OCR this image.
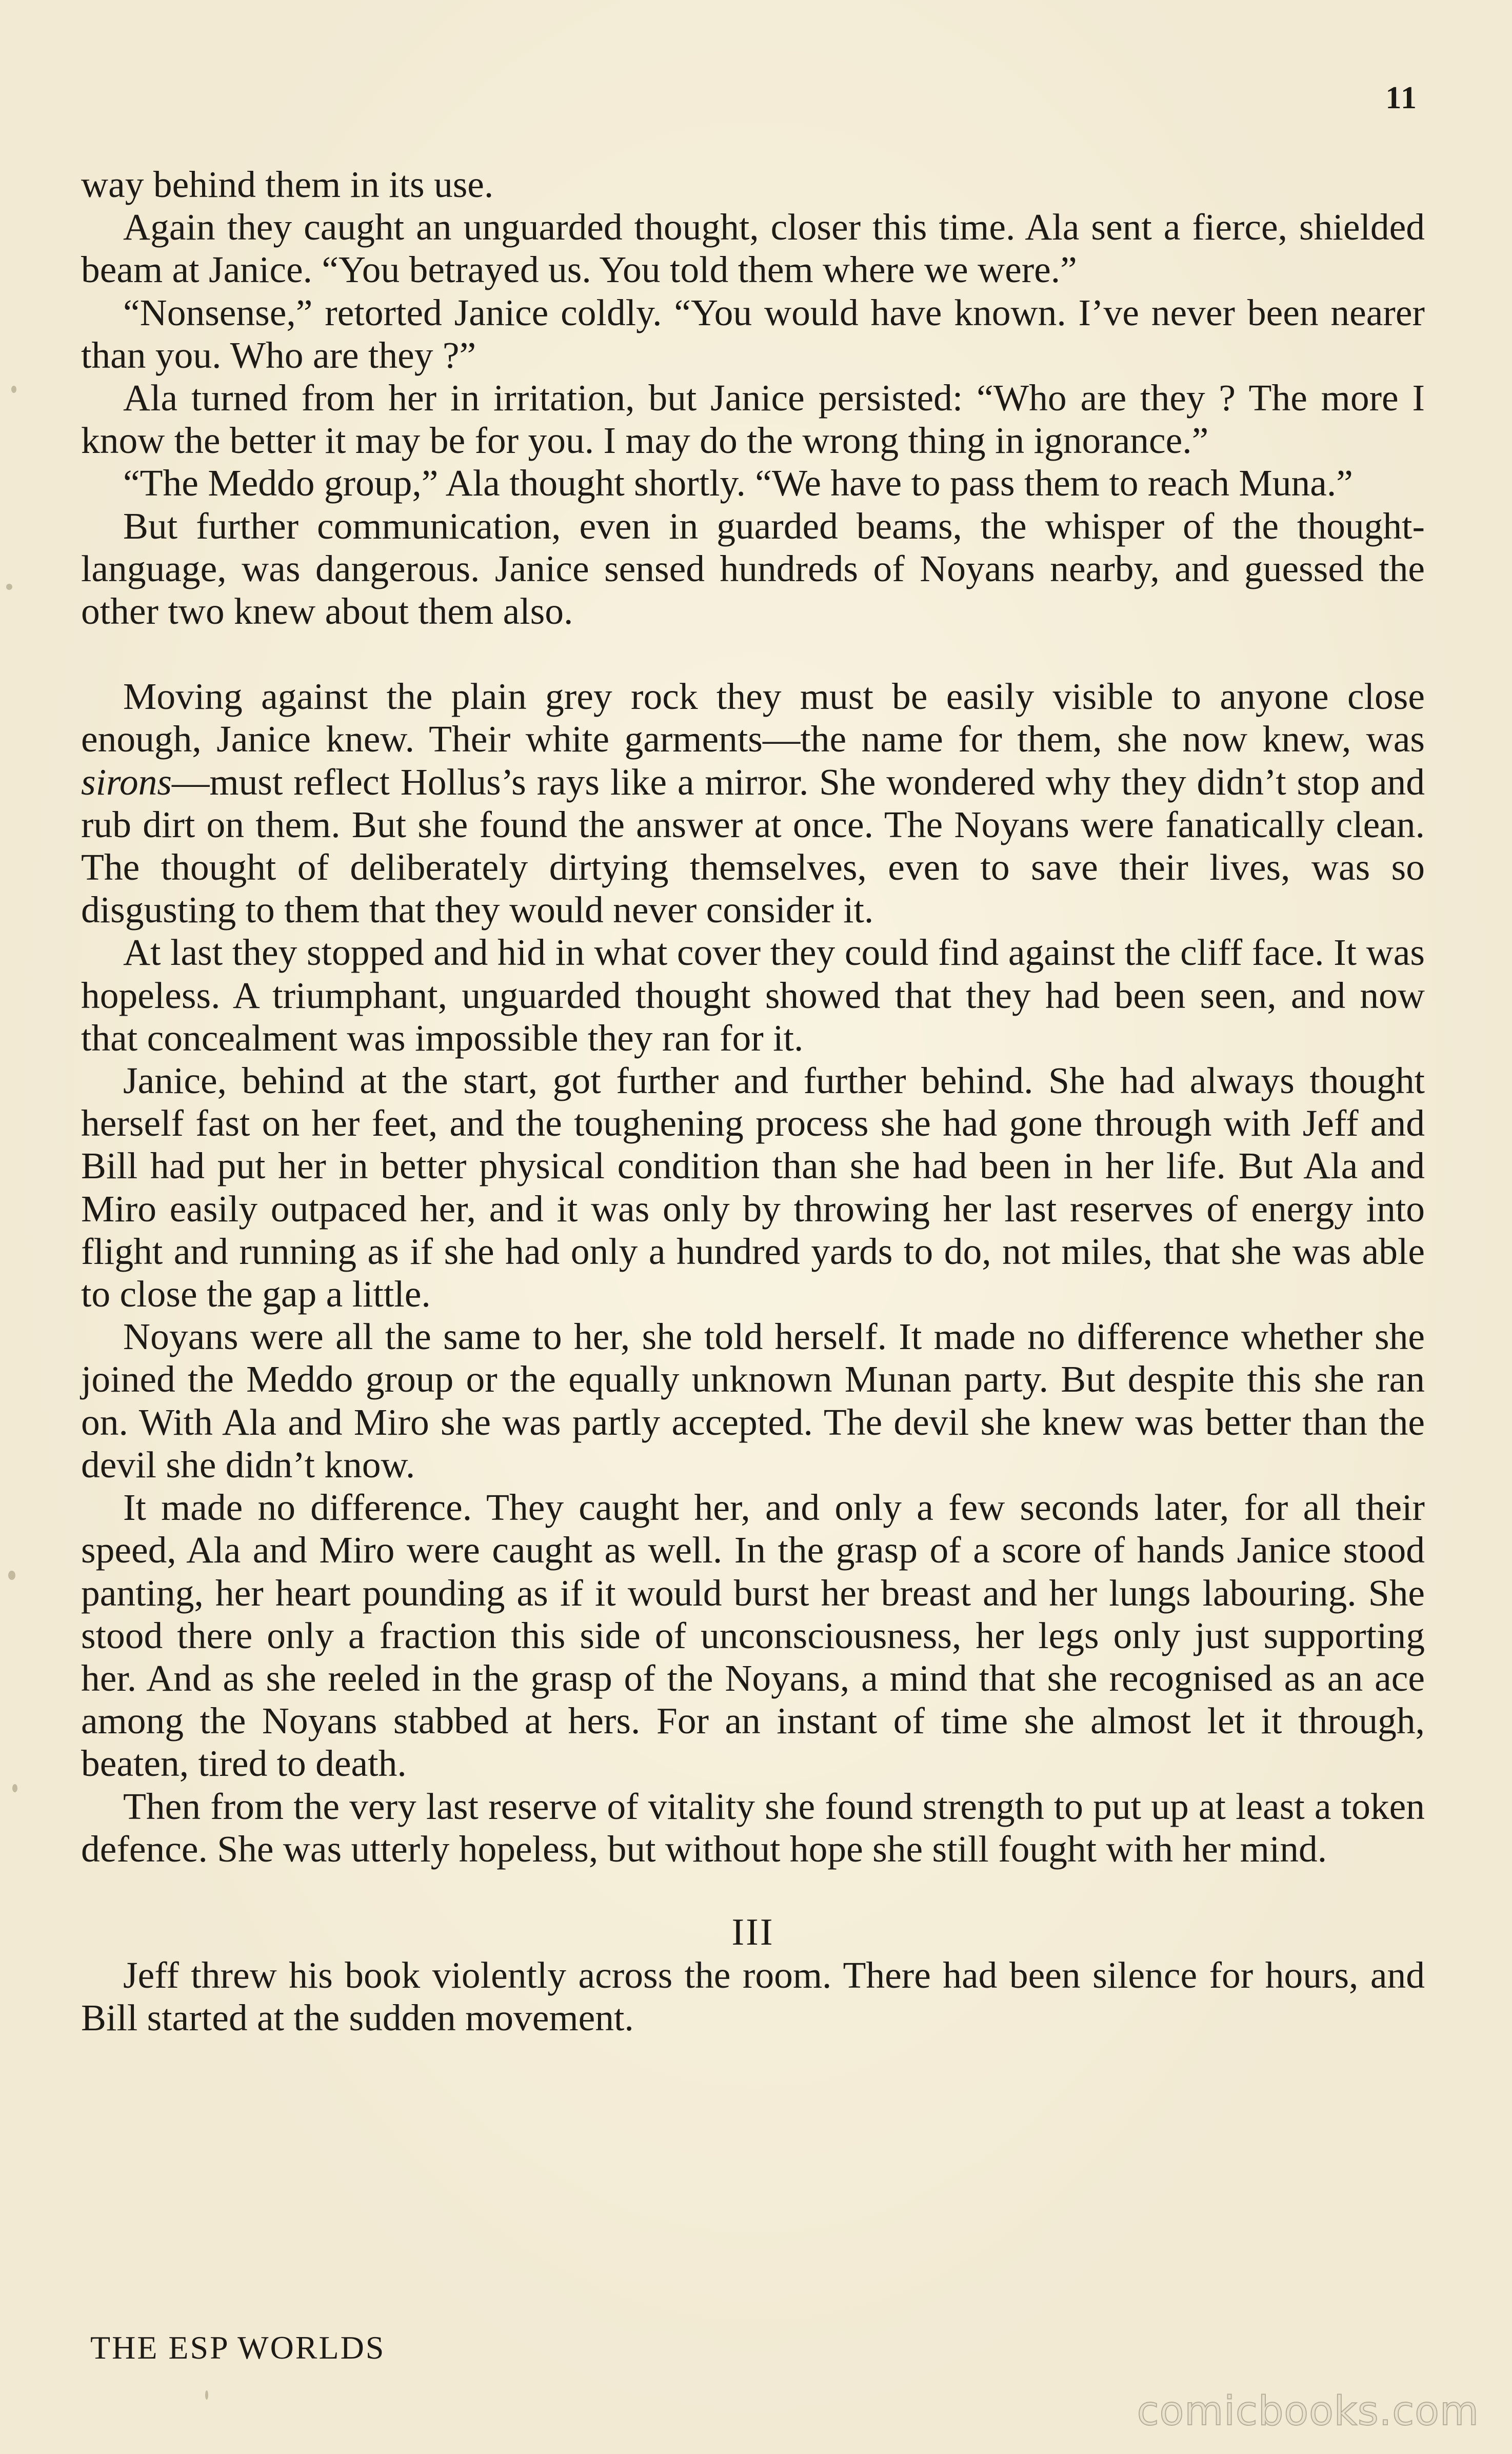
11

way behind them in its use.

Again they caught an unguarded thought, closer this time. Ala sent a fierce, shielded beam at Janice. “You betrayed us. You told them where we were.”

“Nonsense,” retorted Janice coldly. “You would have known. I’ve never been nearer than you. Who are they ?”

Ala turned from her in irritation, but Janice persisted: “Who are they ? The more I know the better it may be for you. I may do the wrong thing in ignorance.”

“The Meddo group,” Ala thought shortly. “We have to pass them to reach Muna.”

But further communication, even in guarded beams, the whisper of the thought-language, was dangerous. Janice sensed hundreds of Noyans nearby, and guessed the other two knew about them also.

Moving against the plain grey rock they must be easily visible to anyone close enough, Janice knew. Their white garments—the name for them, she now knew, was sirons—must reflect Hollus’s rays like a mirror. She wondered why they didn’t stop and rub dirt on them. But she found the answer at once. The Noyans were fanatically clean. The thought of deliberately dirtying themselves, even to save their lives, was so disgusting to them that they would never consider it.

At last they stopped and hid in what cover they could find against the cliff face. It was hopeless. A triumphant, unguarded thought showed that they had been seen, and now that concealment was impossible they ran for it.

Janice, behind at the start, got further and further behind. She had always thought herself fast on her feet, and the toughening process she had gone through with Jeff and Bill had put her in better physical condition than she had been in her life. But Ala and Miro easily outpaced her, and it was only by throwing her last reserves of energy into flight and running as if she had only a hundred yards to do, not miles, that she was able to close the gap a little.

Noyans were all the same to her, she told herself. It made no difference whether she joined the Meddo group or the equally unknown Munan party. But despite this she ran on. With Ala and Miro she was partly accepted. The devil she knew was better than the devil she didn’t know.

It made no difference. They caught her, and only a few seconds later, for all their speed, Ala and Miro were caught as well. In the grasp of a score of hands Janice stood panting, her heart pounding as if it would burst her breast and her lungs labouring. She stood there only a fraction this side of unconsciousness, her legs only just supporting her. And as she reeled in the grasp of the Noyans, a mind that she recognised as an ace among the Noyans stabbed at hers. For an instant of time she almost let it through, beaten, tired to death.

Then from the very last reserve of vitality she found strength to put up at least a token defence. She was utterly hopeless, but without hope she still fought with her mind.

III

Jeff threw his book violently across the room. There had been silence for hours, and Bill started at the sudden movement.

THE ESP WORLDS
comicbooks.com
